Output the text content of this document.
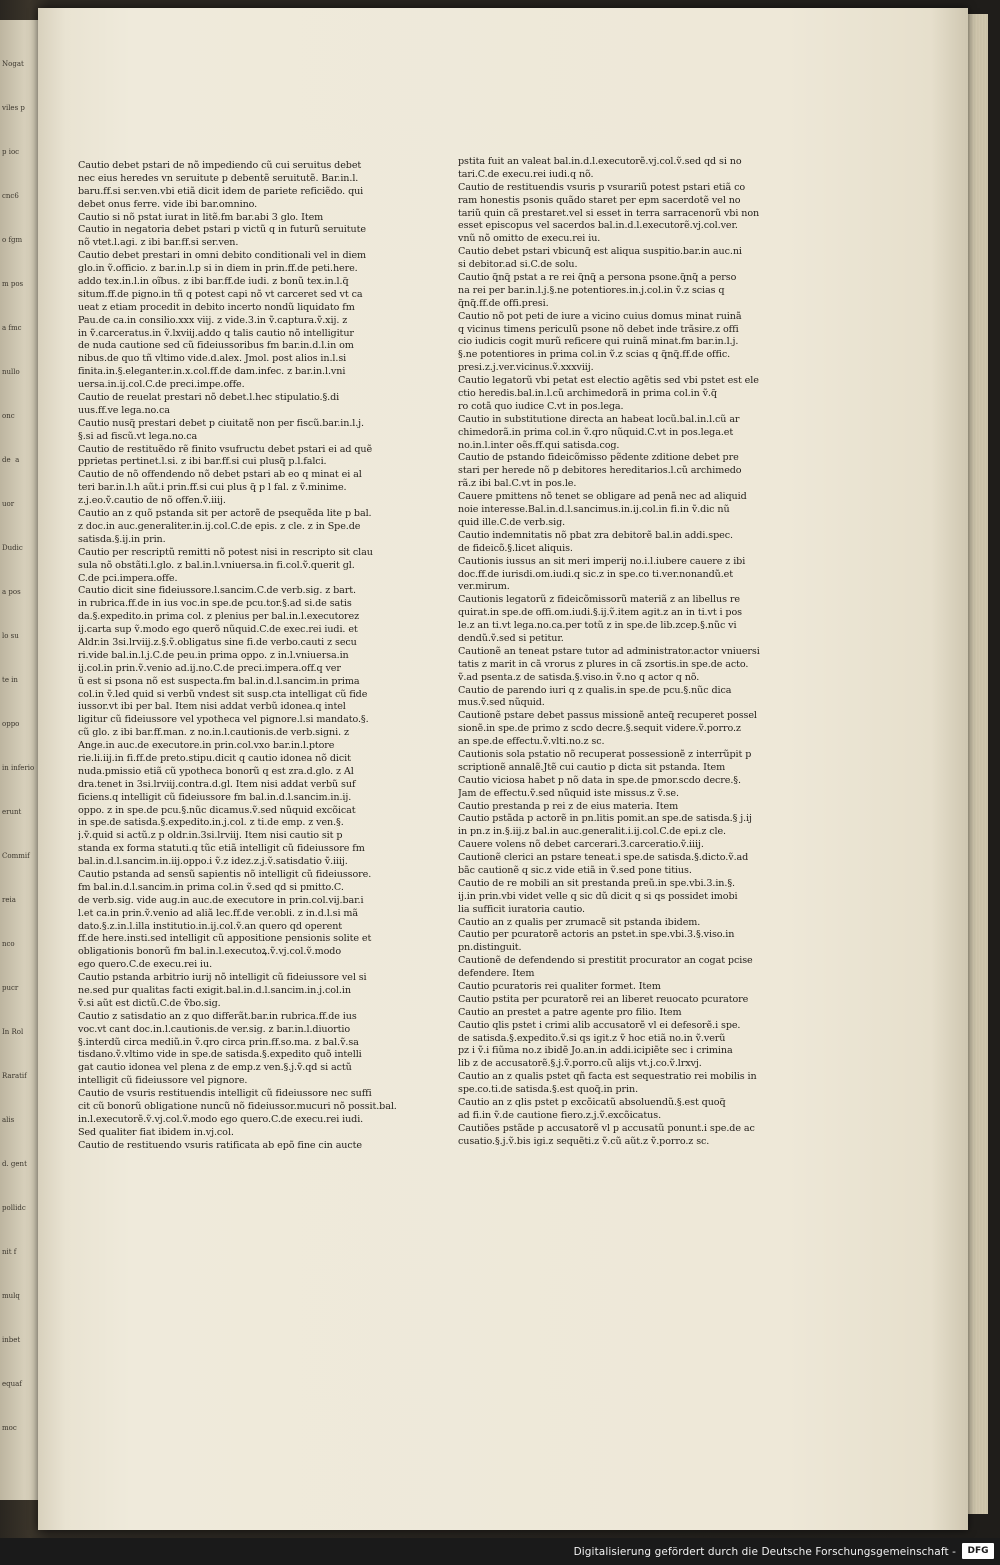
Nogat
viles p
p ioc
cnc6
o fgm
m pos
a fmc
nullo
onc
de  a
uor
Dudic
a pos
lo su
te in
oppo
in inferio
erunt
Commif
reia
nco
pucr
In Rol
Raratif
alis
d. gent
pollidc
nit f
mulq
inbet
equaf
moc
Cautio debet pstari de nõ impediendo cũ cui seruitus debet
nec eius heredes vn seruitute p debentẽ seruitutẽ. Bar.in.l.
baru.ff.si ser.ven.vbi etiã dicit idem de pariete reficiẽdo. qui
debet onus ferre. vide ibi bar.omnino.
Cautio si nõ pstat iurat in litẽ.fm bar.abi 3 glo. Item
Cautio in negatoria debet pstari p victũ q in futurũ seruitute
nõ vtet.l.agi. z ibi bar.ff.si ser.ven.
Cautio debet prestari in omni debito conditionali vel in diem
glo.in ṽ.officio. z bar.in.l.p si in diem in prin.ff.de peti.here.
addo tex.in.l.in oĩbus. z ibi bar.ff.de iudi. z bonũ tex.in.l.q̃
situm.ff.de pigno.in tñ q potest capi nõ vt carceret sed vt ca
ueat z etiam procedit in debito incerto nondũ liquidato fm
Pau.de ca.in consilio.xxx viij. z vide.3.in ṽ.captura.ṽ.xij. z
in ṽ.carceratus.in ṽ.lxviij.addo q talis cautio nõ intelligitur
de nuda cautione sed cũ fideiussoribus fm bar.in.d.l.in om
nibus.de quo tñ vltimo vide.d.alex. Jmol. post alios in.l.si
finita.in.§.eleganter.in.x.col.ff.de dam.infec. z bar.in.l.vni
uersa.in.ij.col.C.de preci.impe.offe.
Cautio de reuelat prestari nõ debet.l.hec stipulatio.§.di
uus.ff.ve lega.no.ca
Cautio nusq̃ prestari debet p ciuitatẽ non per fiscũ.bar.in.l.j.
§.si ad fiscũ.vt lega.no.ca
Cautio de restituẽdo rẽ finito vsufructu debet pstari ei ad quẽ
pprietas pertinet.l.si. z ibi bar.ff.si cui plusq̃ p.l.falci.
Cautio de nõ offendendo nõ debet pstari ab eo q minat ei al
teri bar.in.l.h aũt.i prin.ff.si cui plus q̃ p l fal. z ṽ.minime.
z.j.eo.ṽ.cautio de nõ offen.ṽ.iiij.
Cautio an z quõ pstanda sit per actorẽ de psequẽda lite p bal.
z doc.in auc.generaliter.in.ij.col.C.de epis. z cle. z in Spe.de
satisda.§.ij.in prin.
Cautio per rescriptũ remitti nõ potest nisi in rescripto sit clau
sula nõ obstãti.l.glo. z bal.in.l.vniuersa.in fi.col.ṽ.querit gl.
C.de pci.impera.offe.
Cautio dicit sine fideiussore.l.sancim.C.de verb.sig. z bart.
in rubrica.ff.de in ius voc.in spe.de pcu.tor.§.ad si.de satis
da.§.expedito.in prima col. z plenius per bal.in.l.executorez
ij.carta sup ṽ.modo ego querõ nũquid.C.de exec.rei iudi. et
Aldr.in 3si.lrviij.z.§.ṽ.obligatus sine fi.de verbo.cauti z secu
ri.vide bal.in.l.j.C.de peu.in prima oppo. z in.l.vniuersa.in
ij.col.in prin.ṽ.venio ad.ij.no.C.de preci.impera.off.q ver
ũ est si psona nõ est suspecta.fm bal.in.d.l.sancim.in prima
col.in ṽ.led quid si verbũ vndest sit susp.cta intelligat cũ fide
iussor.vt ibi per bal. Item nisi addat verbũ idonea.q intel
ligitur cũ fideiussore vel ypotheca vel pignore.l.si mandato.§.
cũ glo. z ibi bar.ff.man. z no.in.l.cautionis.de verb.signi. z
Ange.in auc.de executore.in prin.col.vxo bar.in.l.ptore
rie.li.iij.in fi.ff.de preto.stipu.dicit q cautio idonea nõ dicit
nuda.pmissio etiã cũ ypotheca bonorũ q est zra.d.glo. z Al
dra.tenet in 3si.lrviij.contra.d.gl. Item nisi addat verbũ suf
ficiens.q intelligit cũ fideiussore fm bal.in.d.l.sancim.in.ij.
oppo. z in spe.de pcu.§.nũc dicamus.ṽ.sed nũquid excõicat
in spe.de satisda.§.expedito.in.j.col. z ti.de emp. z ven.§.
j.ṽ.quid si actũ.z p oldr.in.3si.lrviij. Item nisi cautio sit p
standa ex forma statuti.q tũc etiã intelligit cũ fideiussore fm
bal.in.d.l.sancim.in.iij.oppo.i ṽ.z idez.z.j.ṽ.satisdatio ṽ.iiij.
Cautio pstanda ad sensũ sapientis nõ intelligit cũ fideiussore.
fm bal.in.d.l.sancim.in prima col.in ṽ.sed qd si pmitto.C.
de verb.sig. vide aug.in auc.de executore in prin.col.vij.bar.i
l.et ca.in prin.ṽ.venio ad aliã lec.ff.de ver.obli. z in.d.l.si mã
dato.§.z.in.l.illa institutio.in.ij.col.ṽ.an quero qd operent
ff.de here.insti.sed intelligit cũ appositione pensionis solite et
obligationis bonorũ fm bal.in.l.executoꝝ.ṽ.vj.col.ṽ.modo
ego quero.C.de execu.rei iu.
Cautio pstanda arbitrio iurij nõ intelligit cũ fideiussore vel si
ne.sed pur qualitas facti exigit.bal.in.d.l.sancim.in.j.col.in
ṽ.si aũt est dictũ.C.de ṽbo.sig.
Cautio z satisdatio an z quo differãt.bar.in rubrica.ff.de ius
voc.vt cant doc.in.l.cautionis.de ver.sig. z bar.in.l.diuortio
§.interdũ circa mediũ.in ṽ.qro circa prin.ff.so.ma. z bal.ṽ.sa
tisdano.ṽ.vltimo vide in spe.de satisda.§.expedito quõ intelli
gat cautio idonea vel plena z de emp.z ven.§.j.ṽ.qd si actũ
intelligit cũ fideiussore vel pignore.
Cautio de vsuris restituendis intelligit cũ fideiussore nec suffi
cit cũ bonorũ obligatione nuncũ nõ fideiussor.mucuri nõ possit.bal.
in.l.executorẽ.ṽ.vj.col.ṽ.modo ego quero.C.de execu.rei iudi.
Sed qualiter fiat ibidem in.vj.col.
Cautio de restituendo vsuris ratificata ab epõ fine cin aucte
pstita fuit an valeat bal.in.d.l.executorẽ.vj.col.ṽ.sed qd si no
tari.C.de execu.rei iudi.q nõ.
Cautio de restituendis vsuris p vsurariũ potest pstari etiã co
ram honestis psonis quãdo staret per epm sacerdotẽ vel no
tariũ quin cã prestaret.vel si esset in terra sarracenorũ vbi non
esset episcopus vel sacerdos bal.in.d.l.executorẽ.vj.col.ver.
vnũ nõ omitto de execu.rei iu.
Cautio debet pstari vbicunq̃ est aliqua suspitio.bar.in auc.ni
si debitor.ad si.C.de solu.
Cautio q̃nq̃ pstat a re rei q̃nq̃ a persona psone.q̃nq̃ a perso
na rei per bar.in.l.j.§.ne potentiores.in.j.col.in ṽ.z scias q
q̃nq̃.ff.de offi.presi.
Cautio nõ pot peti de iure a vicino cuius domus minat ruinã
q vicinus timens periculũ psone nõ debet inde trãsire.z offi
cio iudicis cogit murũ reficere qui ruinã minat.fm bar.in.l.j.
§.ne potentiores in prima col.in ṽ.z scias q q̃nq̃.ff.de offic.
presi.z.j.ver.vicinus.ṽ.xxxviij.
Cautio legatorũ vbi petat est electio agẽtis sed vbi pstet est ele
ctio heredis.bal.in.l.cũ archimedorã in prima col.in ṽ.q̃
ro cotã quo iudice C.vt in pos.lega.
Cautio in substitutione directa an habeat locũ.bal.in.l.cũ ar
chimedorã.in prima col.in ṽ.qro nũquid.C.vt in pos.lega.et
no.in.l.inter oẽs.ff.qui satisda.cog.
Cautio de pstando fideicõmisso pẽdente zditione debet pre
stari per herede nõ p debitores hereditarios.l.cũ archimedo
rã.z ibi bal.C.vt in pos.le.
Cauere pmittens nõ tenet se obligare ad penã nec ad aliquid
noie interesse.Bal.in.d.l.sancimus.in.ij.col.in fi.in ṽ.dic nũ
quid ille.C.de verb.sig.
Cautio indemnitatis nõ pbat zra debitorẽ bal.in addi.spec.
de fideicõ.§.licet aliquis.
Cautionis iussus an sit meri imperij no.i.l.iubere cauere z ibi
doc.ff.de iurisdi.om.iudi.q sic.z in spe.co ti.ver.nonandũ.et
ver.mirum.
Cautionis legatorũ z fideicõmissorũ materiã z an libellus re
quirat.in spe.de offi.om.iudi.§.ij.ṽ.item agit.z an in ti.vt i pos
le.z an ti.vt lega.no.ca.per totũ z in spe.de lib.zcep.§.nũc vi
dendũ.ṽ.sed si petitur.
Cautionẽ an teneat pstare tutor ad administrator.actor vniuersi
tatis z marit in cã vrorus z plures in cã zsortis.in spe.de acto.
ṽ.ad psenta.z de satisda.§.viso.in ṽ.no q actor q nõ.
Cautio de parendo iuri q z qualis.in spe.de pcu.§.nũc dica
mus.ṽ.sed nũquid.
Cautionẽ pstare debet passus missionẽ anteq̃ recuperet possel
sionẽ.in spe.de primo z scdo decre.§.sequit videre.ṽ.porro.z
an spe.de effectu.ṽ.vlti.no.z sc.
Cautionis sola pstatio nõ recuperat possessionẽ z interrũpit p
scriptionẽ annalẽ.Jtẽ cui cautio p dicta sit pstanda. Item
Cautio viciosa habet p nõ data in spe.de pmor.scdo decre.§.
Jam de effectu.ṽ.sed nũquid iste missus.z ṽ.se.
Cautio prestanda p rei z de eius materia. Item
Cautio pstãda p actorẽ in pn.litis pomit.an spe.de satisda.§ j.ij
in pn.z in.§.iij.z bal.in auc.generalit.i.ij.col.C.de epi.z cle.
Cauere volens nõ debet carcerari.3.carceratio.ṽ.iiij.
Cautionẽ clerici an pstare teneat.i spe.de satisda.§.dicto.ṽ.ad
bãc cautionẽ q sic.z vide etiã in ṽ.sed pone titius.
Cautio de re mobili an sit prestanda preũ.in spe.vbi.3.in.§.
ij.in prin.vbi videt velle q sic dũ dicit q si qs possidet imobi
lia sufficit iuratoria cautio.
Cautio an z qualis per zrumacẽ sit pstanda ibidem.
Cautio per pcuratorẽ actoris an pstet.in spe.vbi.3.§.viso.in
pn.distinguit.
Cautionẽ de defendendo si prestitit procurator an cogat pcise
defendere. Item
Cautio pcuratoris rei qualiter formet. Item
Cautio pstita per pcuratorẽ rei an liberet reuocato pcuratore
Cautio an prestet a patre agente pro filio. Item
Cautio qlis pstet i crimi alib accusatorẽ vl ei defesorẽ.i spe.
de satisda.§.expedito.ṽ.si qs igit.z ṽ hoc etiã no.in ṽ.verũ
pz i ṽ.i fiũma no.z ibidẽ Jo.an.in addi.icipiẽte sec i crimina
lib z de accusatorẽ.§.j.ṽ.porro.cũ alijs vt.j.co.ṽ.lrxvj.
Cautio an z qualis pstet qñ facta est sequestratio rei mobilis in
spe.co.ti.de satisda.§.est quoq̃.in prin.
Cautio an z qlis pstet p excõicatũ absoluendũ.§.est quoq̃
ad fi.in ṽ.de cautione fiero.z.j.ṽ.excõicatus.
Cautiões pstãde p accusatorẽ vl p accusatũ ponunt.i spe.de ac
cusatio.§.j.ṽ.bis igi.z sequẽti.z ṽ.cũ aũt.z ṽ.porro.z sc.
Digitalisierung gefördert durch die Deutsche Forschungsgemeinschaft -	DFG
